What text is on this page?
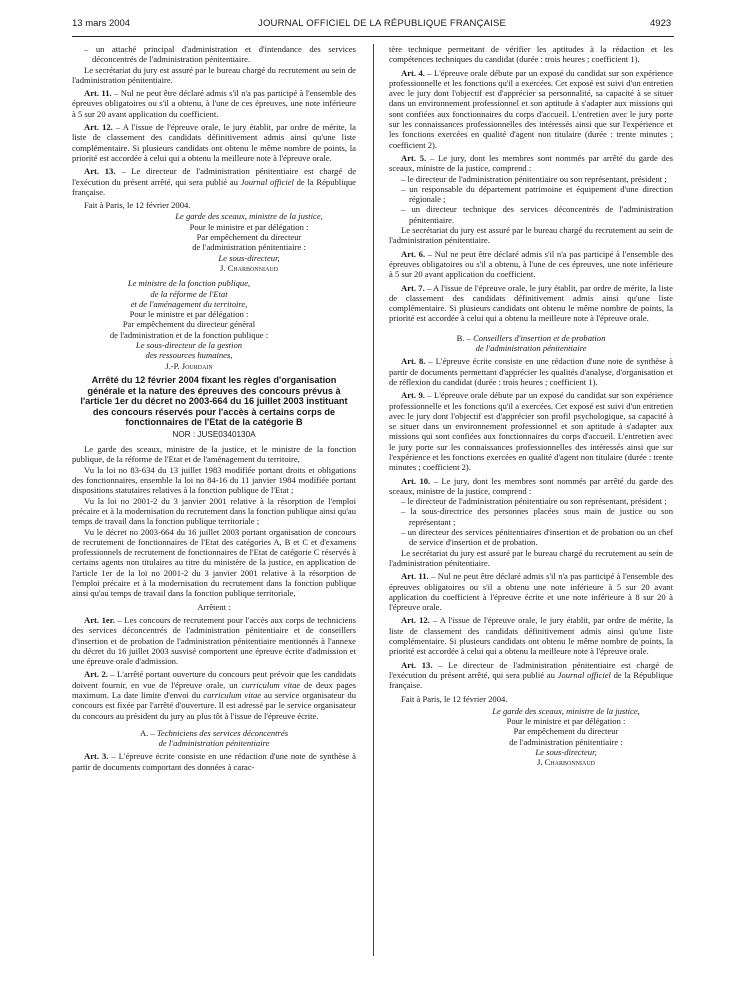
13 mars 2004	JOURNAL OFFICIEL DE LA RÉPUBLIQUE FRANÇAISE	4923

– un attaché principal d'administration et d'intendance des services déconcentrés de l'administration pénitentiaire.

Le secrétariat du jury est assuré par le bureau chargé du recrutement au sein de l'administration pénitentiaire.

Art. 11. – Nul ne peut être déclaré admis s'il n'a pas participé à l'ensemble des épreuves obligatoires ou s'il a obtenu, à l'une de ces épreuves, une note inférieure à 5 sur 20 avant application du coefficient.

Art. 12. – A l'issue de l'épreuve orale, le jury établit, par ordre de mérite, la liste de classement des candidats définitivement admis ainsi qu'une liste complémentaire. Si plusieurs candidats ont obtenu le même nombre de points, la priorité est accordée à celui qui a obtenu la meilleure note à l'épreuve orale.

Art. 13. – Le directeur de l'administration pénitentiaire est chargé de l'exécution du présent arrêté, qui sera publié au Journal officiel de la République française.

Fait à Paris, le 12 février 2004.

Le garde des sceaux, ministre de la justice,

Pour le ministre et par délégation :

Par empêchement du directeur

de l'administration pénitentiaire :

Le sous-directeur,

J. Charbonniaud

Le ministre de la fonction publique,

de la réforme de l'Etat

et de l'aménagement du territoire,

Pour le ministre et par délégation :

Par empêchement du directeur général

de l'administration et de la fonction publique :

Le sous-directeur de la gestion

des ressources humaines,

J.-P. Jourdain

Arrêté du 12 février 2004 fixant les règles d'organisation générale et la nature des épreuves des concours prévus à l'article 1er du décret no 2003-664 du 16 juillet 2003 instituant des concours réservés pour l'accès à certains corps de fonctionnaires de l'Etat de la catégorie B

NOR : JUSE0340130A

Le garde des sceaux, ministre de la justice, et le ministre de la fonction publique, de la réforme de l'Etat et de l'aménagement du territoire,

Vu la loi no 83-634 du 13 juillet 1983 modifiée portant droits et obligations des fonctionnaires, ensemble la loi no 84-16 du 11 janvier 1984 modifiée portant dispositions statutaires relatives à la fonction publique de l'Etat ;

Vu la loi no 2001-2 du 3 janvier 2001 relative à la résorption de l'emploi précaire et à la modernisation du recrutement dans la fonction publique ainsi qu'au temps de travail dans la fonction publique territoriale ;

Vu le décret no 2003-664 du 16 juillet 2003 portant organisation de concours de recrutement de fonctionnaires de l'Etat des catégories A, B et C et d'examens professionnels de recrutement de fonctionnaires de l'Etat de catégorie C réservés à certains agents non titulaires au titre du ministère de la justice, en application de l'article 1er de la loi no 2001-2 du 3 janvier 2001 relative à la résorption de l'emploi précaire et à la modernisation du recrutement dans la fonction publique ainsi qu'au temps de travail dans la fonction publique territoriale,

Arrêtent :

Art. 1er. – Les concours de recrutement pour l'accès aux corps de techniciens des services déconcentrés de l'administration pénitentiaire et de conseillers d'insertion et de probation de l'administration pénitentiaire mentionnés à l'annexe du décret du 16 juillet 2003 susvisé comportent une épreuve écrite d'admission et une épreuve orale d'admission.

Art. 2. – L'arrêté portant ouverture du concours peut prévoir que les candidats doivent fournir, en vue de l'épreuve orale, un curriculum vitae de deux pages maximum. La date limite d'envoi du curriculum vitae au service organisateur du concours est fixée par l'arrêté d'ouverture. Il est adressé par le service organisateur du concours au président du jury au plus tôt à l'issue de l'épreuve écrite.

A. – Techniciens des services déconcentrés

de l'administration pénitentiaire

Art. 3. – L'épreuve écrite consiste en une rédaction d'une note de synthèse à partir de documents comportant des données à carac-

tère technique permettant de vérifier les aptitudes à la rédaction et les compétences techniques du candidat (durée : trois heures ; coefficient 1).

Art. 4. – L'épreuve orale débute par un exposé du candidat sur son expérience professionnelle et les fonctions qu'il a exercées. Cet exposé est suivi d'un entretien avec le jury dont l'objectif est d'apprécier sa personnalité, sa capacité à se situer dans un environnement professionnel et son aptitude à s'adapter aux missions qui sont confiées aux fonctionnaires du corps d'accueil. L'entretien avec le jury porte sur les connaissances professionnelles des intéressés ainsi que sur l'expérience et les fonctions exercées en qualité d'agent non titulaire (durée : trente minutes ; coefficient 2).

Art. 5. – Le jury, dont les membres sont nommés par arrêté du garde des sceaux, ministre de la justice, comprend :

– le directeur de l'administration pénitentiaire ou son représentant, président ;

– un responsable du département patrimoine et équipement d'une direction régionale ;

– un directeur technique des services déconcentrés de l'administration pénitentiaire.

Le secrétariat du jury est assuré par le bureau chargé du recrutement au sein de l'administration pénitentiaire.

Art. 6. – Nul ne peut être déclaré admis s'il n'a pas participé à l'ensemble des épreuves obligatoires ou s'il a obtenu, à l'une de ces épreuves, une note inférieure à 5 sur 20 avant application du coefficient.

Art. 7. – A l'issue de l'épreuve orale, le jury établit, par ordre de mérite, la liste de classement des candidats définitivement admis ainsi qu'une liste complémentaire. Si plusieurs candidats ont obtenu le même nombre de points, la priorité est accordée à celui qui a obtenu la meilleure note à l'épreuve orale.

B. – Conseillers d'insertion et de probation

de l'administration pénitentiaire

Art. 8. – L'épreuve écrite consiste en une rédaction d'une note de synthèse à partir de documents permettant d'apprécier les qualités d'analyse, d'organisation et de réflexion du candidat (durée : trois heures ; coefficient 1).

Art. 9. – L'épreuve orale débute par un exposé du candidat sur son expérience professionnelle et les fonctions qu'il a exercées. Cet exposé est suivi d'un entretien avec le jury dont l'objectif est d'apprécier son profil psychologique, sa capacité à se situer dans un environnement professionnel et son aptitude à s'adapter aux missions qui sont confiées aux fonctionnaires du corps d'accueil. L'entretien avec le jury porte sur les connaissances professionnelles des intéressés ainsi que sur l'expérience et les fonctions exercées en qualité d'agent non titulaire (durée : trente minutes ; coefficient 2).

Art. 10. – Le jury, dont les membres sont nommés par arrêté du garde des sceaux, ministre de la justice, comprend :

– le directeur de l'administration pénitentiaire ou son représentant, président ;

– la sous-directrice des personnes placées sous main de justice ou son représentant ;

– un directeur des services pénitentiaires d'insertion et de probation ou un chef de service d'insertion et de probation.

Le secrétariat du jury est assuré par le bureau chargé du recrutement au sein de l'administration pénitentiaire.

Art. 11. – Nul ne peut être déclaré admis s'il n'a pas participé à l'ensemble des épreuves obligatoires ou s'il a obtenu une note inférieure à 5 sur 20 avant application du coefficient à l'épreuve écrite et une note inférieure à 8 sur 20 à l'épreuve orale.

Art. 12. – A l'issue de l'épreuve orale, le jury établit, par ordre de mérite, la liste de classement des candidats définitivement admis ainsi qu'une liste complémentaire. Si plusieurs candidats ont obtenu le même nombre de points, la priorité est accordée à celui qui a obtenu la meilleure note à l'épreuve orale.

Art. 13. – Le directeur de l'administration pénitentiaire est chargé de l'exécution du présent arrêté, qui sera publié au Journal officiel de la République française.

Fait à Paris, le 12 février 2004.

Le garde des sceaux, ministre de la justice,

Pour le ministre et par délégation :

Par empêchement du directeur

de l'administration pénitentiaire :

Le sous-directeur,

J. Charbonniaud
